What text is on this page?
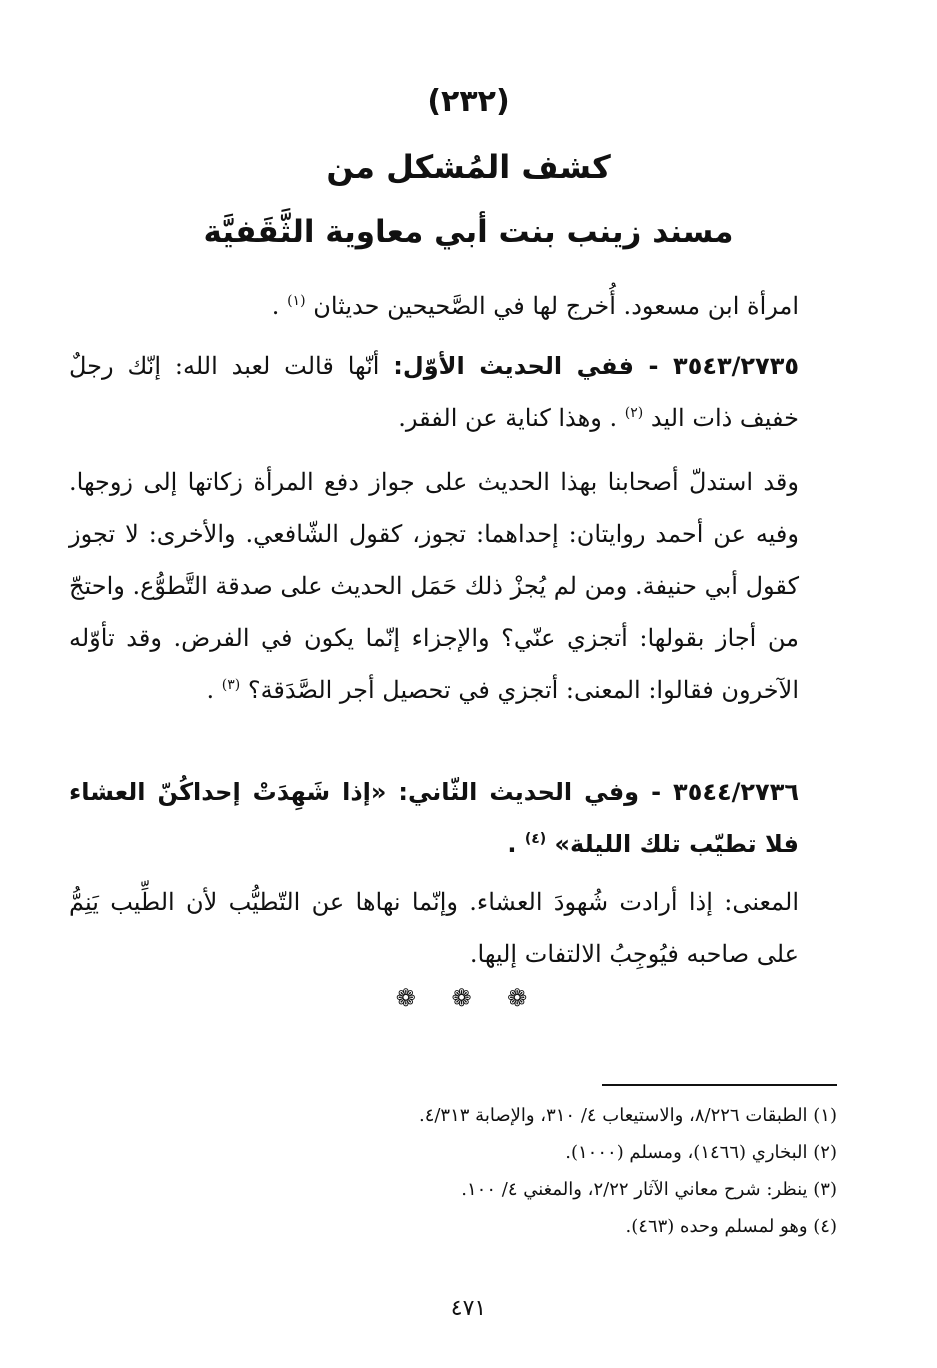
(٢٣٢)
كشف المُشكل من
مسند زينب بنت أبي معاوية الثَّقَفيَّة
امرأة ابن مسعود. أُخرج لها في الصَّحيحين حديثان $^{(١)}$ .
٣٥٤٣/٢٧٣٥ - ففي الحديث الأوّل: أنّها قالت لعبد الله: إنّك رجلٌ خفيف ذات اليد $^{(٢)}$ . وهذا كناية عن الفقر.
وقد استدلّ أصحابنا بهذا الحديث على جواز دفع المرأة زكاتها إلى زوجها. وفيه عن أحمد روايتان: إحداهما: تجوز، كقول الشّافعي. والأخرى: لا تجوز كقول أبي حنيفة. ومن لم يُجزْ ذلك حَمَل الحديث على صدقة التَّطوُّع. واحتجّ من أجاز بقولها: أتجزي عنّي؟ والإجزاء إنّما يكون في الفرض. وقد تأوّله الآخرون فقالوا: المعنى: أتجزي في تحصيل أجر الصَّدَقة؟ $^{(٣)}$ .
٣٥٤٤/٢٧٣٦ - وفي الحديث الثّاني: «إذا شَهِدَتْ إحداكُنّ العشاء فلا تطيّب تلك الليلة» $^{(٤)}$ .
المعنى: إذا أرادت شُهودَ العشاء. وإنّما نهاها عن التّطيُّب لأن الطِّيب يَنِمُّ على صاحبه فيُوجِبُ الالتفات إليها.
❁ ❁ ❁
(١) الطبقات ٨/٢٢٦، والاستيعاب ٤/ ٣١٠، والإصابة ٤/٣١٣.
(٢) البخاري (١٤٦٦)، ومسلم (١٠٠٠).
(٣) ينظر: شرح معاني الآثار ٢/٢٢، والمغني ٤/ ١٠٠.
(٤) وهو لمسلم وحده (٤٦٣).
٤٧١
